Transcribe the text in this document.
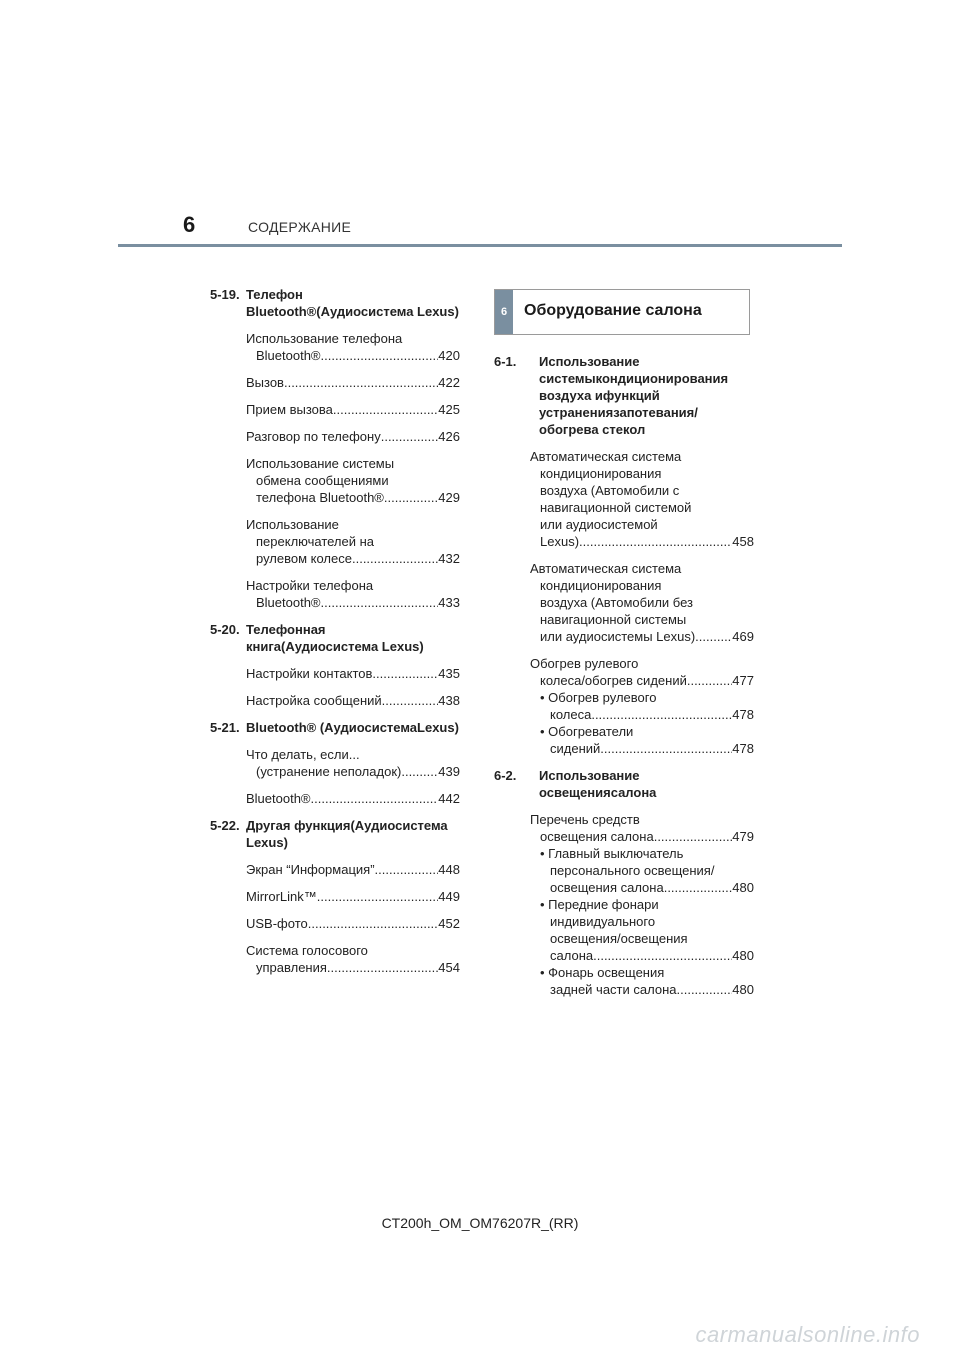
6	СОДЕРЖАНИЕ
5-19. Телефон Bluetooth®(Аудиосистема Lexus)
Использование телефона
Bluetooth® .....	420
Вызов .....	422
Прием вызова .....	425
Разговор по телефону .....	426
Использование системы
обмена сообщениями
телефона Bluetooth® .....	429
Использование
переключателей на
рулевом колесе .....	432
Настройки телефона
Bluetooth® .....	433
5-20. Телефонная книга(Аудиосистема Lexus)
Настройки контактов .....	435
Настройка сообщений .....	438
5-21. Bluetooth® (АудиосистемаLexus)
Что делать, если...
(устранение неполадок) .....	439
Bluetooth® .....	442
5-22. Другая функция(Аудиосистема Lexus)
Экран “Информация” .....	448
MirrorLink™ .....	449
USB-фото .....	452
Система голосового
управления .....	454
6	Оборудование салона
6-1. Использование системыкондиционирования воздуха ифункций устранениязапотевания/обогрева стекол
Автоматическая система
кондиционирования
воздуха (Автомобили с
навигационной системой
или аудиосистемой
Lexus) .....	458
Автоматическая система
кондиционирования
воздуха (Автомобили без
навигационной системы
или аудиосистемы Lexus) .....	469
Обогрев рулевого
колеса/обогрев сидений .....	477
• Обогрев рулевого
колеса .....	478
• Обогреватели
сидений .....	478
6-2. Использование освещениясалона
Перечень средств
освещения салона .....	479
• Главный выключатель
персонального освещения/
освещения салона .....	480
• Передние фонари
индивидуального
освещения/освещения
салона .....	480
• Фонарь освещения
задней части салона .....	480
CT200h_OM_OM76207R_(RR)
carmanualsonline.info
